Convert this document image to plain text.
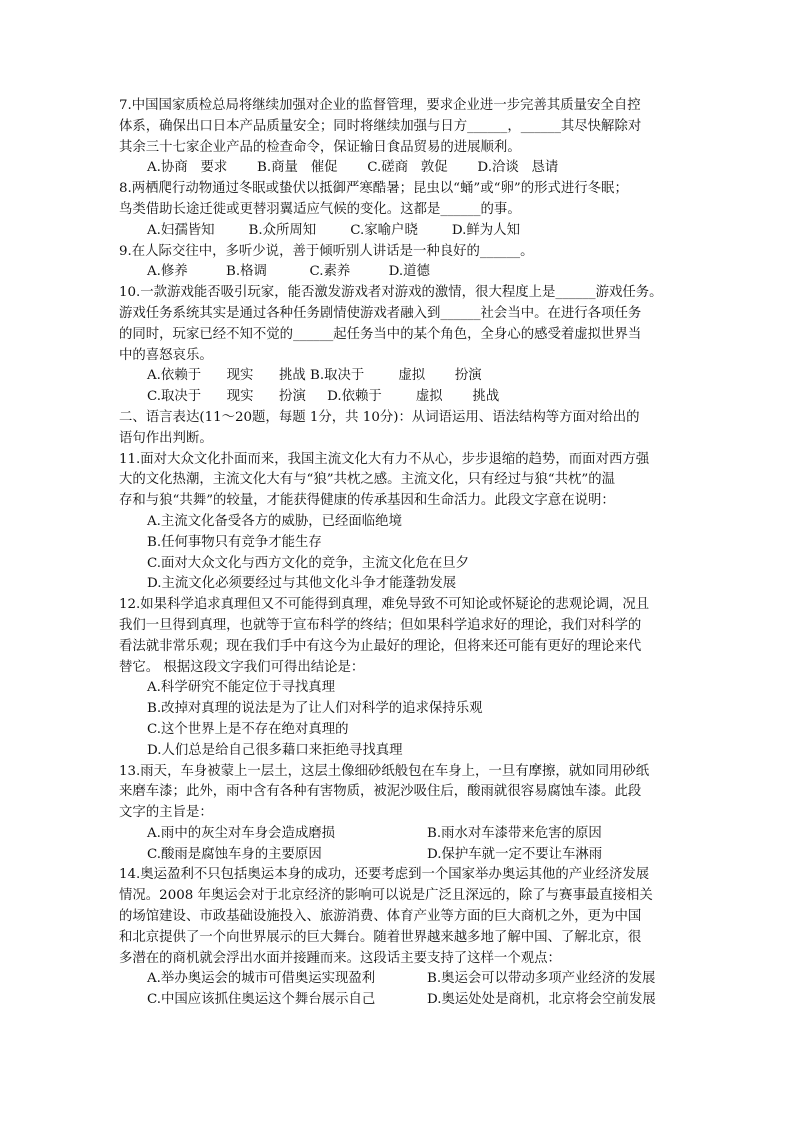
7.中国国家质检总局将继续加强对企业的监督管理，要求企业进一步完善其质量安全自控

体系，确保出口日本产品质量安全；同时将继续加强与日方______，______其尽快解除对

其余三十七家企业产品的检查命令，保证输日食品贸易的进展顺利。

A.协商   要求       B.商量   催促       C.磋商   敦促       D.洽谈   恳请

8.两栖爬行动物通过冬眠或蛰伏以抵御严寒酷暑；昆虫以“蛹”或“卵”的形式进行冬眠；

鸟类借助长途迁徙或更替羽翼适应气候的变化。这都是______的事。

A.妇孺皆知        B.众所周知        C.家喻户晓        D.鲜为人知

9.在人际交往中，多听少说，善于倾听别人讲话是一种良好的______。

A.修养         B.格调          C.素养         D.道德

10.一款游戏能否吸引玩家，能否激发游戏者对游戏的激情，很大程度上是______游戏任务。

游戏任务系统其实是通过各种任务剧情使游戏者融入到______社会当中。在进行各项任务

的同时，玩家已经不知不觉的______起任务当中的某个角色，全身心的感受着虚拟世界当

中的喜怒哀乐。

A.依赖于      现实      挑战 B.取决于        虚拟       扮演

C.取决于      现实      扮演     D.依赖于        虚拟       挑战

二、语言表达(11～20题，每题 1分，共 10分)：从词语运用、语法结构等方面对给出的

语句作出判断。

11.面对大众文化扑面而来，我国主流文化大有力不从心，步步退缩的趋势，而面对西方强

大的文化热潮，主流文化大有与“狼”共枕之感。主流文化，只有经过与狼“共枕”的温

存和与狼“共舞”的较量，才能获得健康的传承基因和生命活力。此段文字意在说明：

A.主流文化备受各方的威胁，已经面临绝境

B.任何事物只有竞争才能生存

C.面对大众文化与西方文化的竞争，主流文化危在旦夕

D.主流文化必须要经过与其他文化斗争才能蓬勃发展

12.如果科学追求真理但又不可能得到真理，难免导致不可知论或怀疑论的悲观论调，况且

我们一旦得到真理，也就等于宣布科学的终结；但如果科学追求好的理论，我们对科学的

看法就非常乐观；现在我们手中有这今为止最好的理论，但将来还可能有更好的理论来代

替它。 根据这段文字我们可得出结论是：

A.科学研究不能定位于寻找真理

B.改掉对真理的说法是为了让人们对科学的追求保持乐观

C.这个世界上是不存在绝对真理的

D.人们总是给自己很多藉口来拒绝寻找真理

13.雨天，车身被蒙上一层土，这层土像细砂纸般包在车身上，一旦有摩擦，就如同用砂纸

来磨车漆；此外，雨中含有各种有害物质，被泥沙吸住后，酸雨就很容易腐蚀车漆。此段

文字的主旨是：

A.雨中的灰尘对车身会造成磨损	B.雨水对车漆带来危害的原因
C.酸雨是腐蚀车身的主要原因	D.保护车就一定不要让车淋雨

14.奥运盈利不只包括奥运本身的成功，还要考虑到一个国家举办奥运其他的产业经济发展

情况。2008 年奥运会对于北京经济的影响可以说是广泛且深远的，除了与赛事最直接相关

的场馆建设、市政基础设施投入、旅游消费、体育产业等方面的巨大商机之外，更为中国

和北京提供了一个向世界展示的巨大舞台。随着世界越来越多地了解中国、了解北京，很

多潜在的商机就会浮出水面并接踵而来。这段话主要支持了这样一个观点：

A.举办奥运会的城市可借奥运实现盈利	B.奥运会可以带动多项产业经济的发展
C.中国应该抓住奥运这个舞台展示自己	D.奥运处处是商机，北京将会空前发展
